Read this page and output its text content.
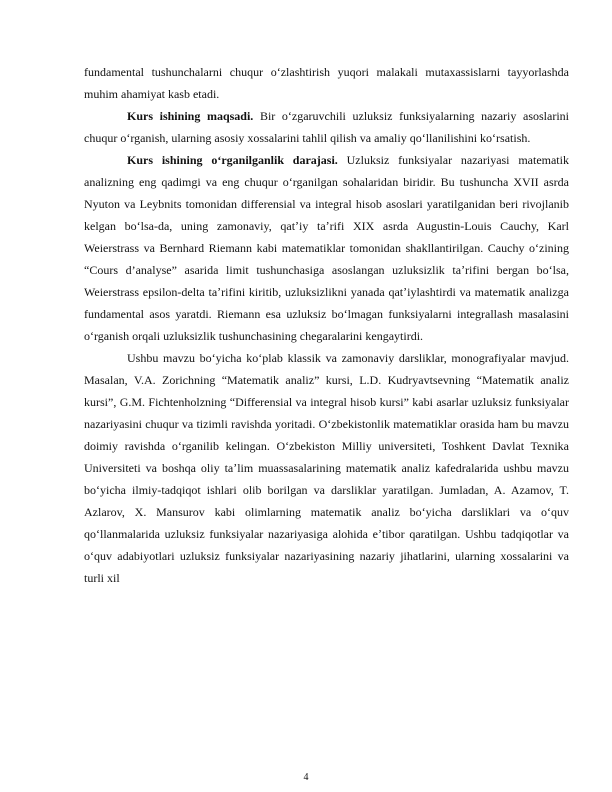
fundamental tushunchalarni chuqur oʻzlashtirish yuqori malakali mutaxassislarni tayyorlashda muhim ahamiyat kasb etadi.

Kurs ishining maqsadi. Bir oʻzgaruvchili uzluksiz funksiyalarning nazariy asoslarini chuqur oʻrganish, ularning asosiy xossalarini tahlil qilish va amaliy qoʻllanilishini koʻrsatish.

Kurs ishining oʻrganilganlik darajasi. Uzluksiz funksiyalar nazariyasi matematik analizning eng qadimgi va eng chuqur oʻrganilgan sohalaridan biridir. Bu tushuncha XVII asrda Nyuton va Leybnits tomonidan differensial va integral hisob asoslari yaratilganidan beri rivojlanib kelgan boʻlsa-da, uning zamonaviy, qatʼiy taʼrifi XIX asrda Augustin-Louis Cauchy, Karl Weierstrass va Bernhard Riemann kabi matematiklar tomonidan shakllantirilgan. Cauchy oʻzining “Cours d’analyse” asarida limit tushunchasiga asoslangan uzluksizlik taʼrifini bergan boʻlsa, Weierstrass epsilon-delta taʼrifini kiritib, uzluksizlikni yanada qatʼiylashtirdi va matematik analizga fundamental asos yaratdi. Riemann esa uzluksiz boʻlmagan funksiyalarni integrallash masalasini oʻrganish orqali uzluksizlik tushunchasining chegaralarini kengaytirdi.

Ushbu mavzu boʻyicha koʻplab klassik va zamonaviy darsliklar, monografiyalar mavjud. Masalan, V.A. Zorichning “Matematik analiz” kursi, L.D. Kudryavtsevning “Matematik analiz kursi”, G.M. Fichtenholzning “Differensial va integral hisob kursi” kabi asarlar uzluksiz funksiyalar nazariyasini chuqur va tizimli ravishda yoritadi. Oʻzbekistonlik matematiklar orasida ham bu mavzu doimiy ravishda oʻrganilib kelingan. Oʻzbekiston Milliy universiteti, Toshkent Davlat Texnika Universiteti va boshqa oliy taʼlim muassasalarining matematik analiz kafedralarida ushbu mavzu boʻyicha ilmiy-tadqiqot ishlari olib borilgan va darsliklar yaratilgan. Jumladan, A. Azamov, T. Azlarov, X. Mansurov kabi olimlarning matematik analiz boʻyicha darsliklari va oʻquv qoʻllanmalarida uzluksiz funksiyalar nazariyasiga alohida eʼtibor qaratilgan. Ushbu tadqiqotlar va oʻquv adabiyotlari uzluksiz funksiyalar nazariyasining nazariy jihatlarini, ularning xossalarini va turli xil

4
